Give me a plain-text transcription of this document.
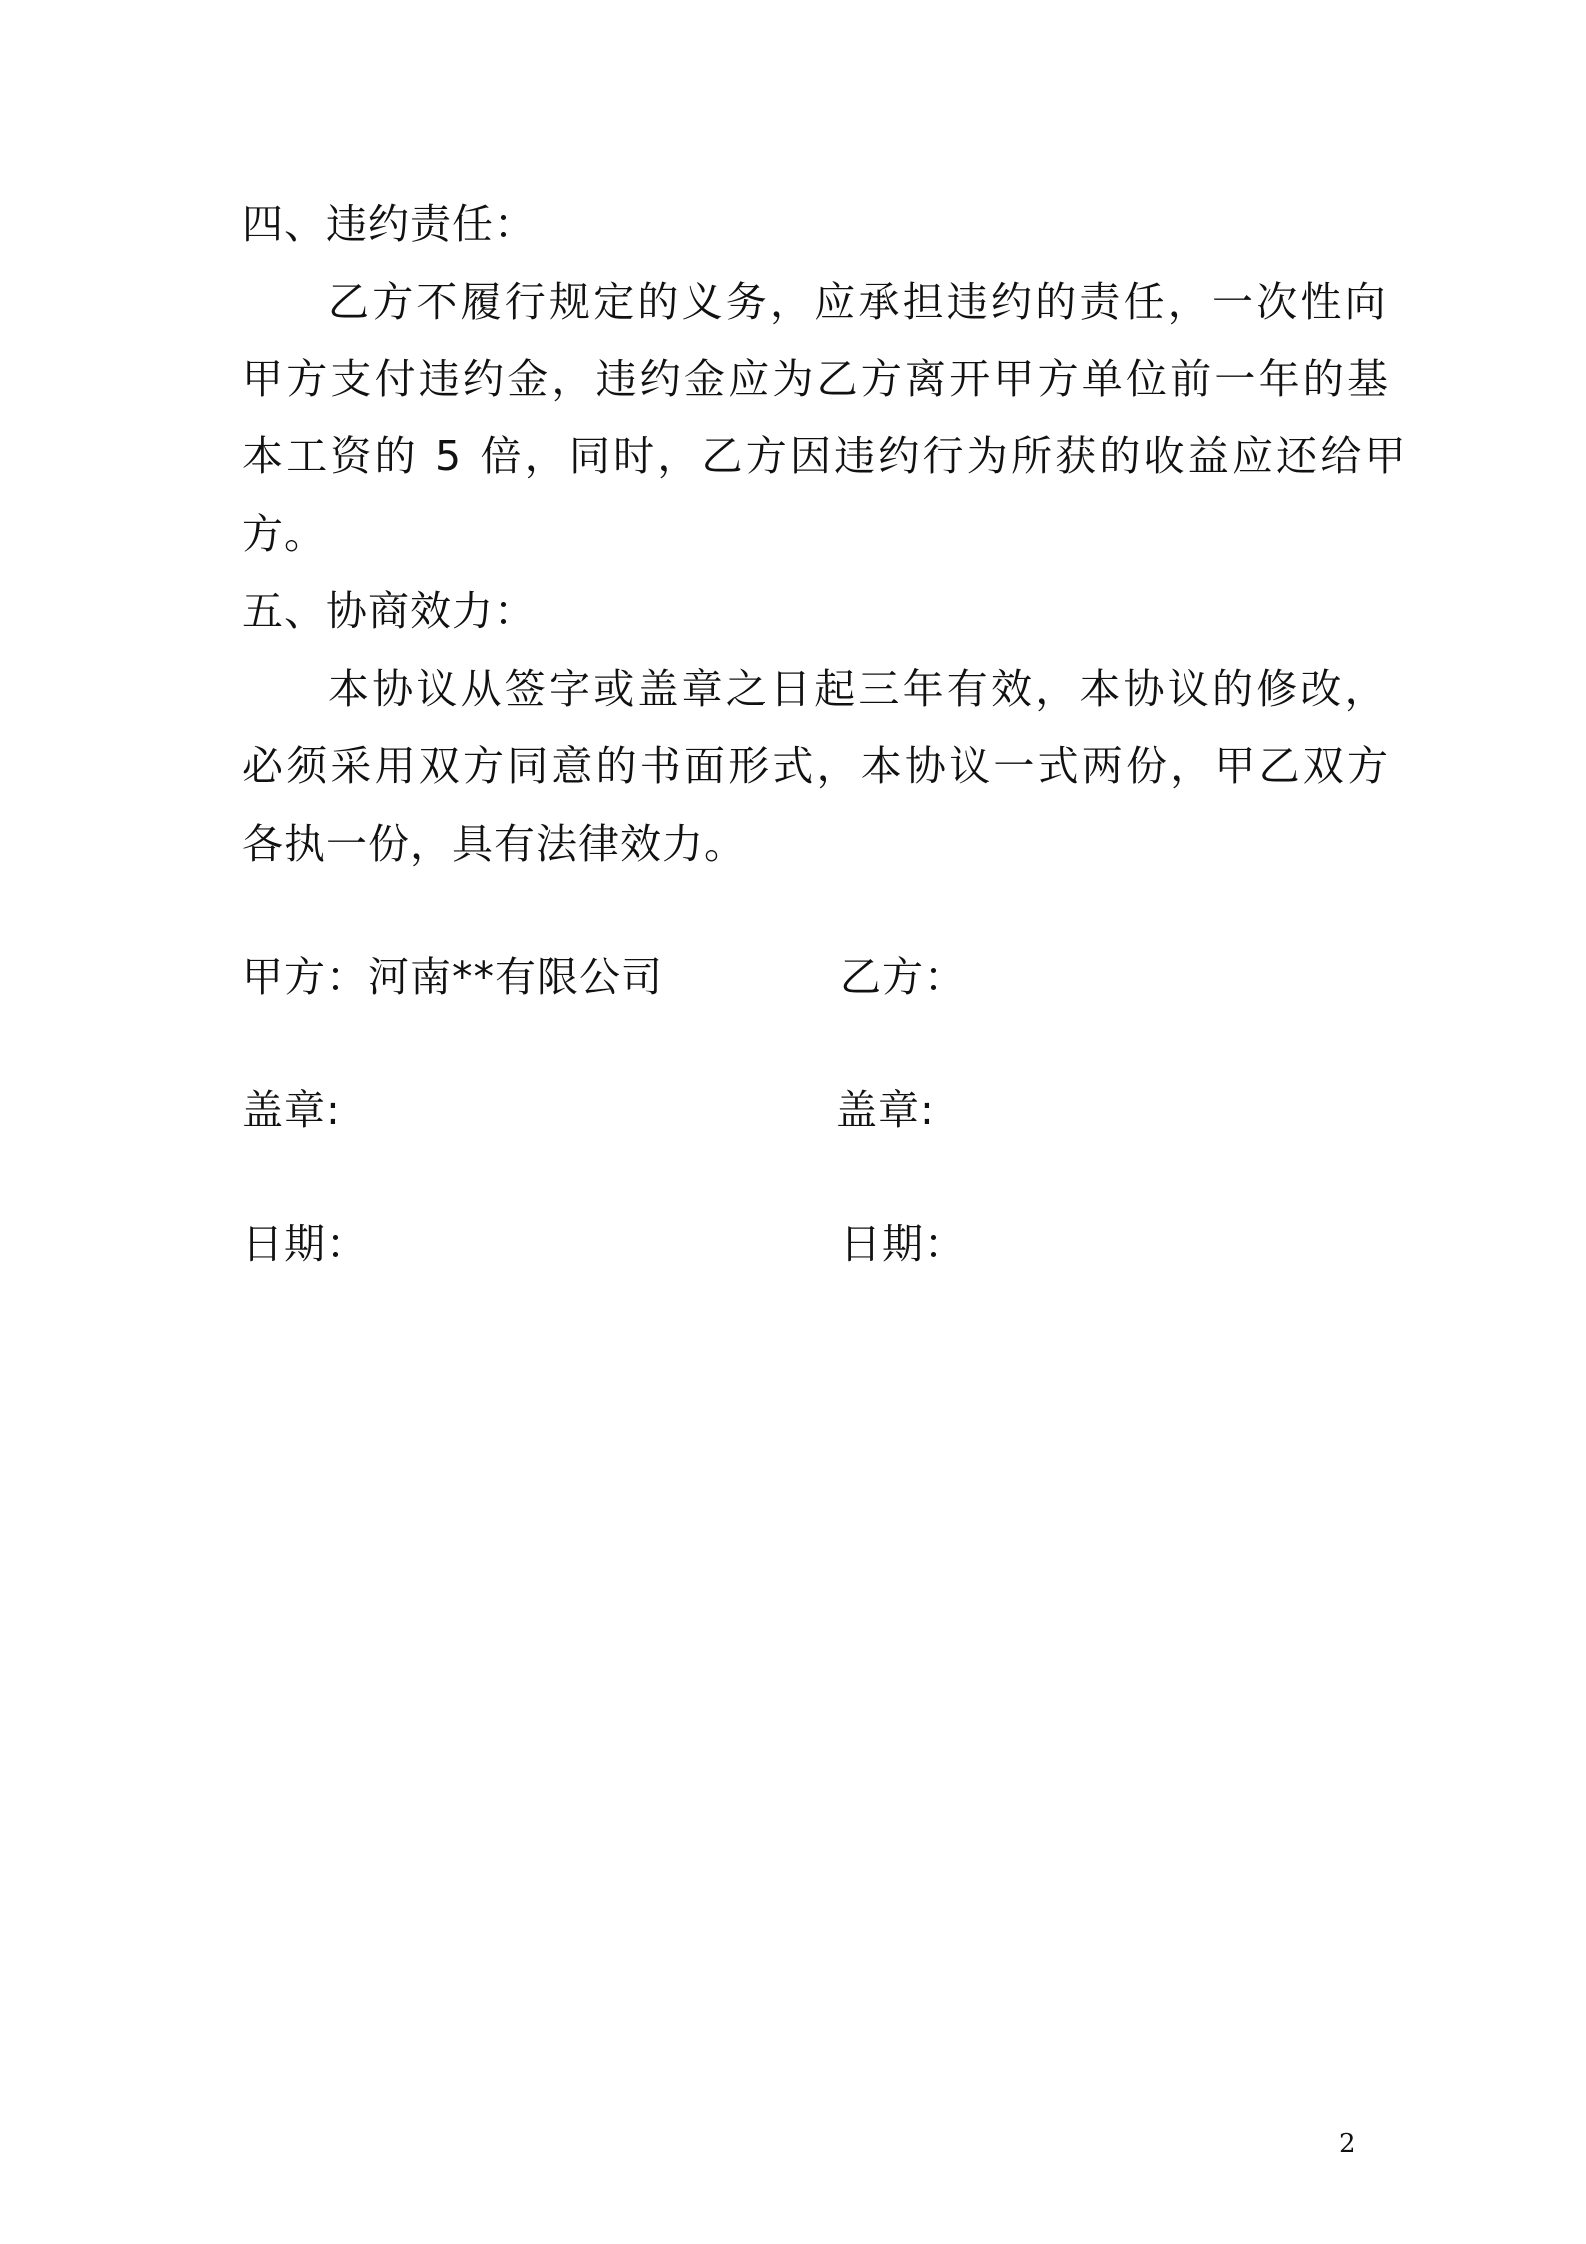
四、违约责任：
乙方不履行规定的义务，应承担违约的责任，一次性向
甲方支付违约金，违约金应为乙方离开甲方单位前一年的基
本工资的 5 倍，同时，乙方因违约行为所获的收益应还给甲
方。
五、协商效力：
本协议从签字或盖章之日起三年有效，本协议的修改，
必须采用双方同意的书面形式，本协议一式两份，甲乙双方
各执一份，具有法律效力。
甲方：河南**有限公司	乙方：
盖章:	盖章:
日期：	日期：
2
